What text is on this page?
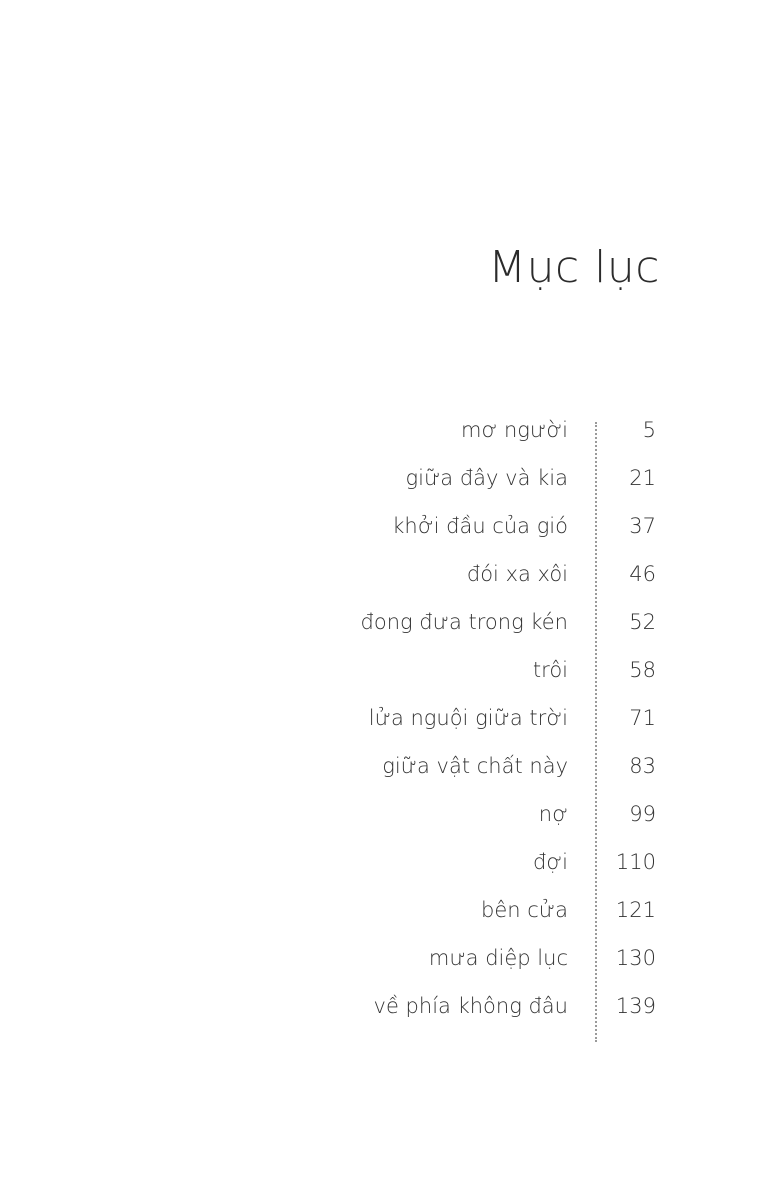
Mục lục
mơ người	5
giữa đây và kia	21
khởi đầu của gió	37
đói xa xôi	46
đong đưa trong kén	52
trôi	58
lửa nguội giữa trời	71
giữa vật chất này	83
nợ	99
đợi 110
bên cửa 121
mưa diệp lục 130
về phía không đâu 139
